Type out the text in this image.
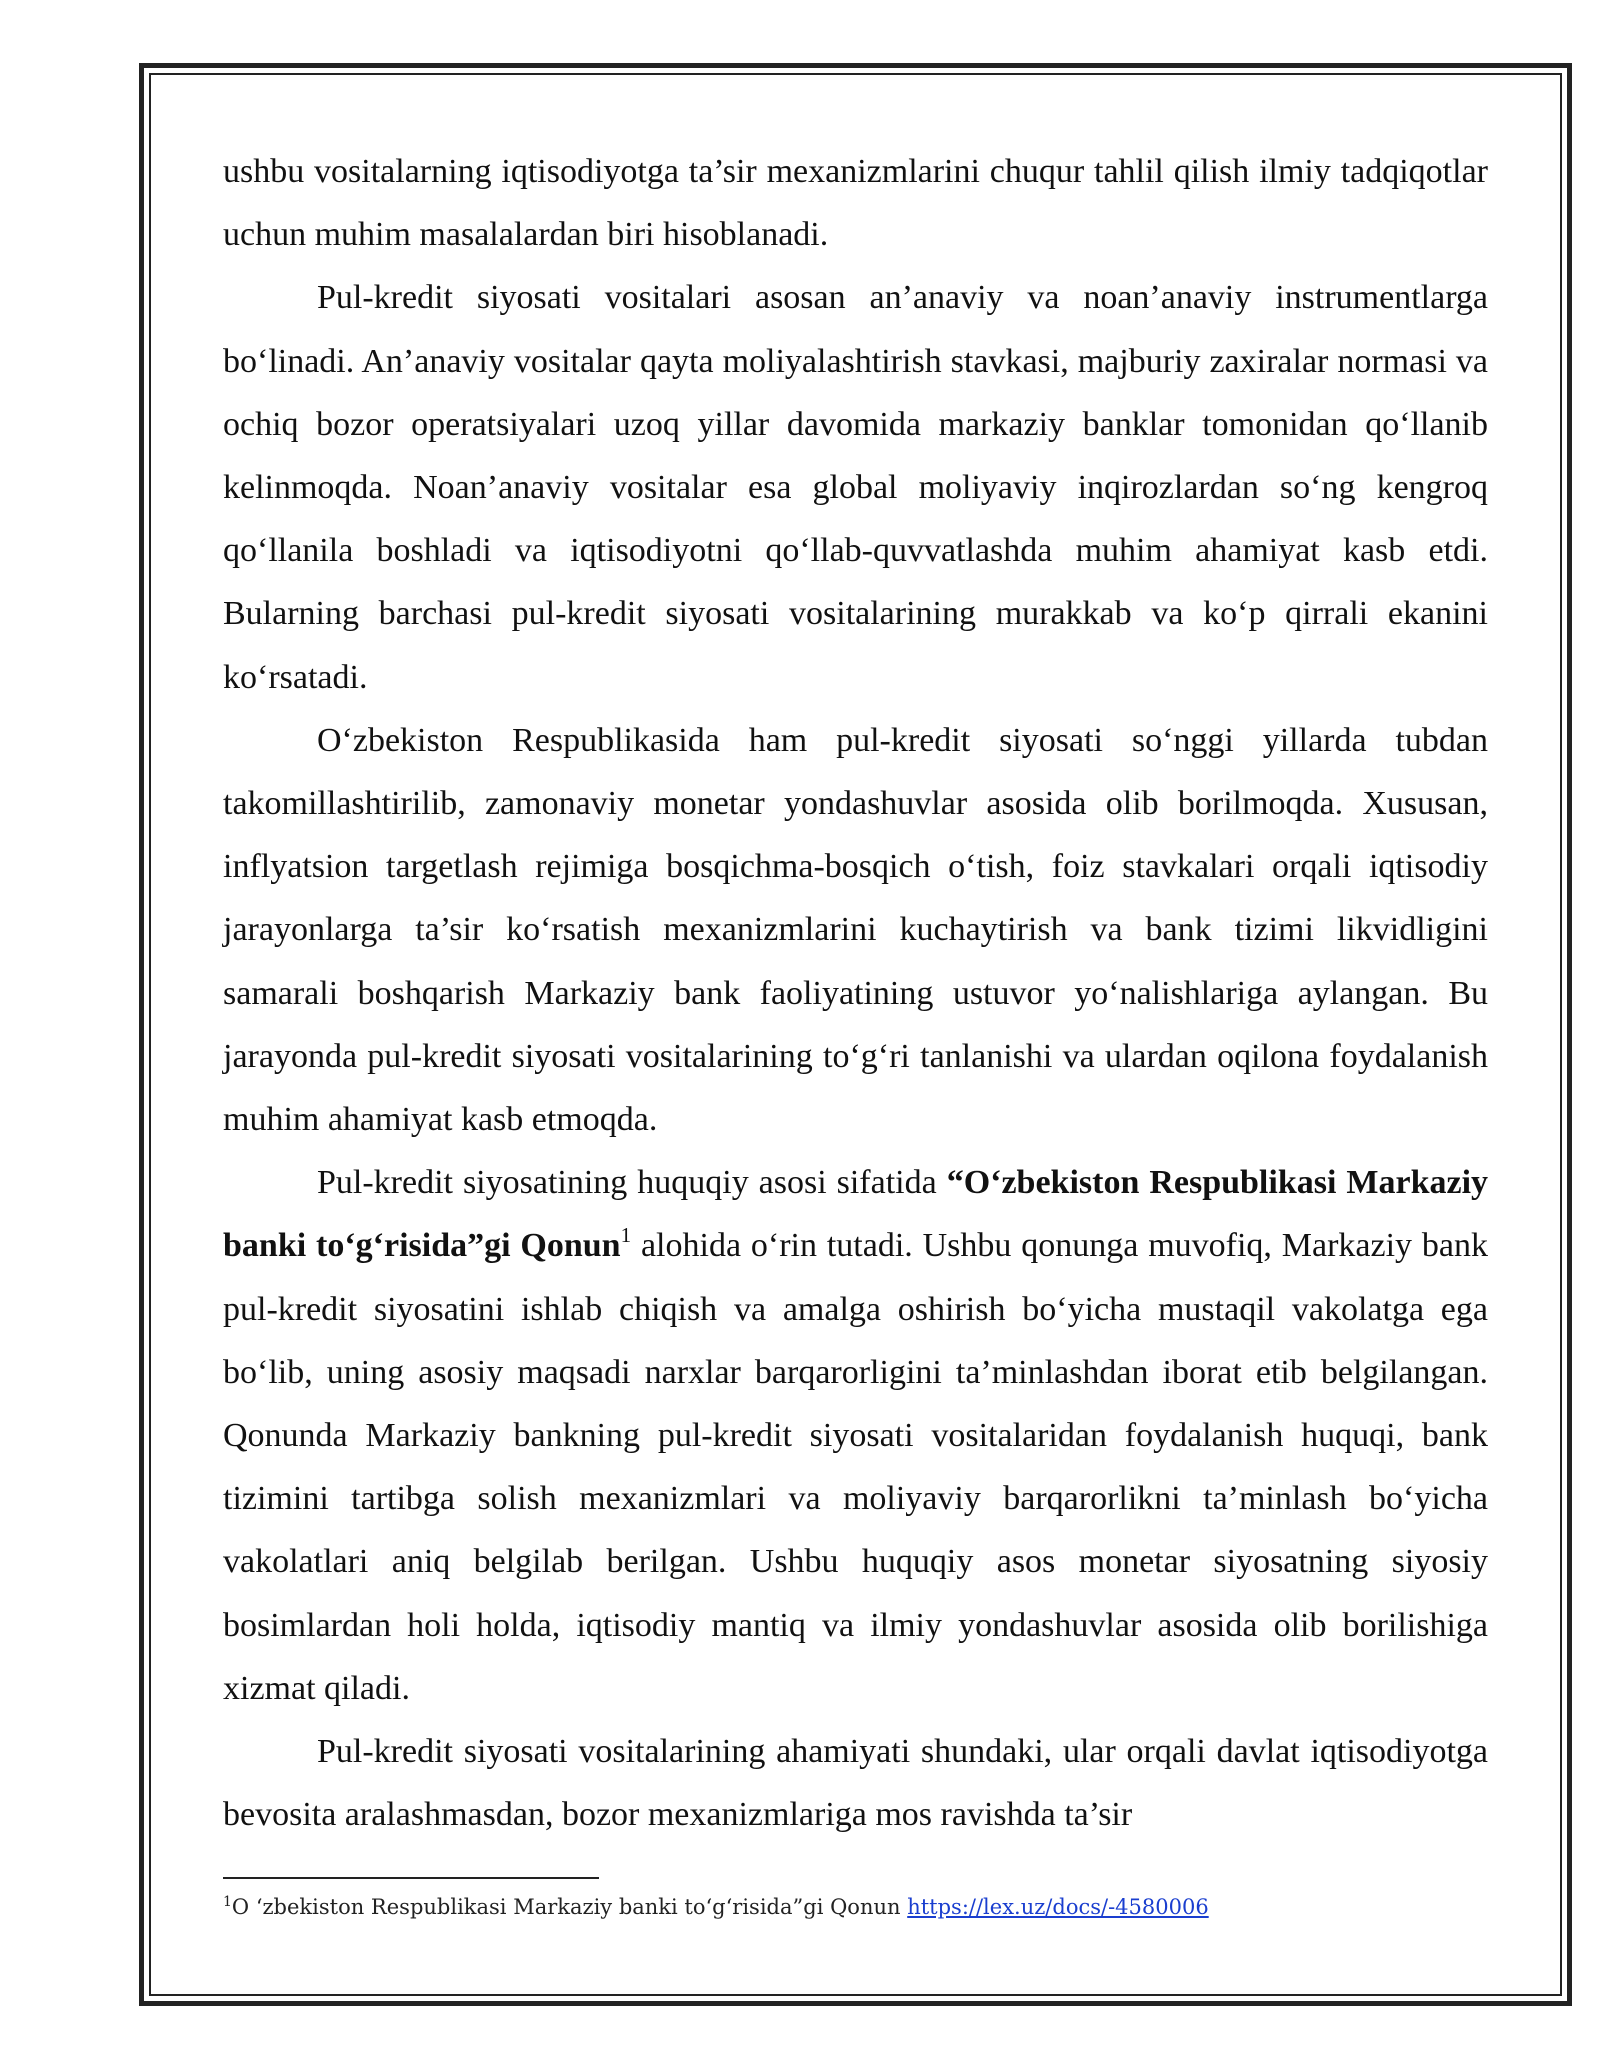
ushbu vositalarning iqtisodiyotga ta’sir mexanizmlarini chuqur tahlil qilish ilmiy tadqiqotlar uchun muhim masalalardan biri hisoblanadi.

Pul-kredit siyosati vositalari asosan an’anaviy va noan’anaviy instrumentlarga bo‘linadi. An’anaviy vositalar qayta moliyalashtirish stavkasi, majburiy zaxiralar normasi va ochiq bozor operatsiyalari uzoq yillar davomida markaziy banklar tomonidan qo‘llanib kelinmoqda. Noan’anaviy vositalar esa global moliyaviy inqirozlardan so‘ng kengroq qo‘llanila boshladi va iqtisodiyotni qo‘llab-quvvatlashda muhim ahamiyat kasb etdi. Bularning barchasi pul-kredit siyosati vositalarining murakkab va ko‘p qirrali ekanini ko‘rsatadi.

O‘zbekiston Respublikasida ham pul-kredit siyosati so‘nggi yillarda tubdan takomillashtirilib, zamonaviy monetar yondashuvlar asosida olib borilmoqda. Xususan, inflyatsion targetlash rejimiga bosqichma-bosqich o‘tish, foiz stavkalari orqali iqtisodiy jarayonlarga ta’sir ko‘rsatish mexanizmlarini kuchaytirish va bank tizimi likvidligini samarali boshqarish Markaziy bank faoliyatining ustuvor yo‘nalishlariga aylangan. Bu jarayonda pul-kredit siyosati vositalarining to‘g‘ri tanlanishi va ulardan oqilona foydalanish muhim ahamiyat kasb etmoqda.

Pul-kredit siyosatining huquqiy asosi sifatida “O‘zbekiston Respublikasi Markaziy banki to‘g‘risida”gi Qonun$^1$ alohida o‘rin tutadi. Ushbu qonunga muvofiq, Markaziy bank pul-kredit siyosatini ishlab chiqish va amalga oshirish bo‘yicha mustaqil vakolatga ega bo‘lib, uning asosiy maqsadi narxlar barqarorligini ta’minlashdan iborat etib belgilangan. Qonunda Markaziy bankning pul-kredit siyosati vositalaridan foydalanish huquqi, bank tizimini tartibga solish mexanizmlari va moliyaviy barqarorlikni ta’minlash bo‘yicha vakolatlari aniq belgilab berilgan. Ushbu huquqiy asos monetar siyosatning siyosiy bosimlardan holi holda, iqtisodiy mantiq va ilmiy yondashuvlar asosida olib borilishiga xizmat qiladi.

Pul-kredit siyosati vositalarining ahamiyati shundaki, ular orqali davlat iqtisodiyotga bevosita aralashmasdan, bozor mexanizmlariga mos ravishda ta’sir

$^1$O ‘zbekiston Respublikasi Markaziy banki to‘g‘risida”gi Qonun https://lex.uz/docs/-4580006
